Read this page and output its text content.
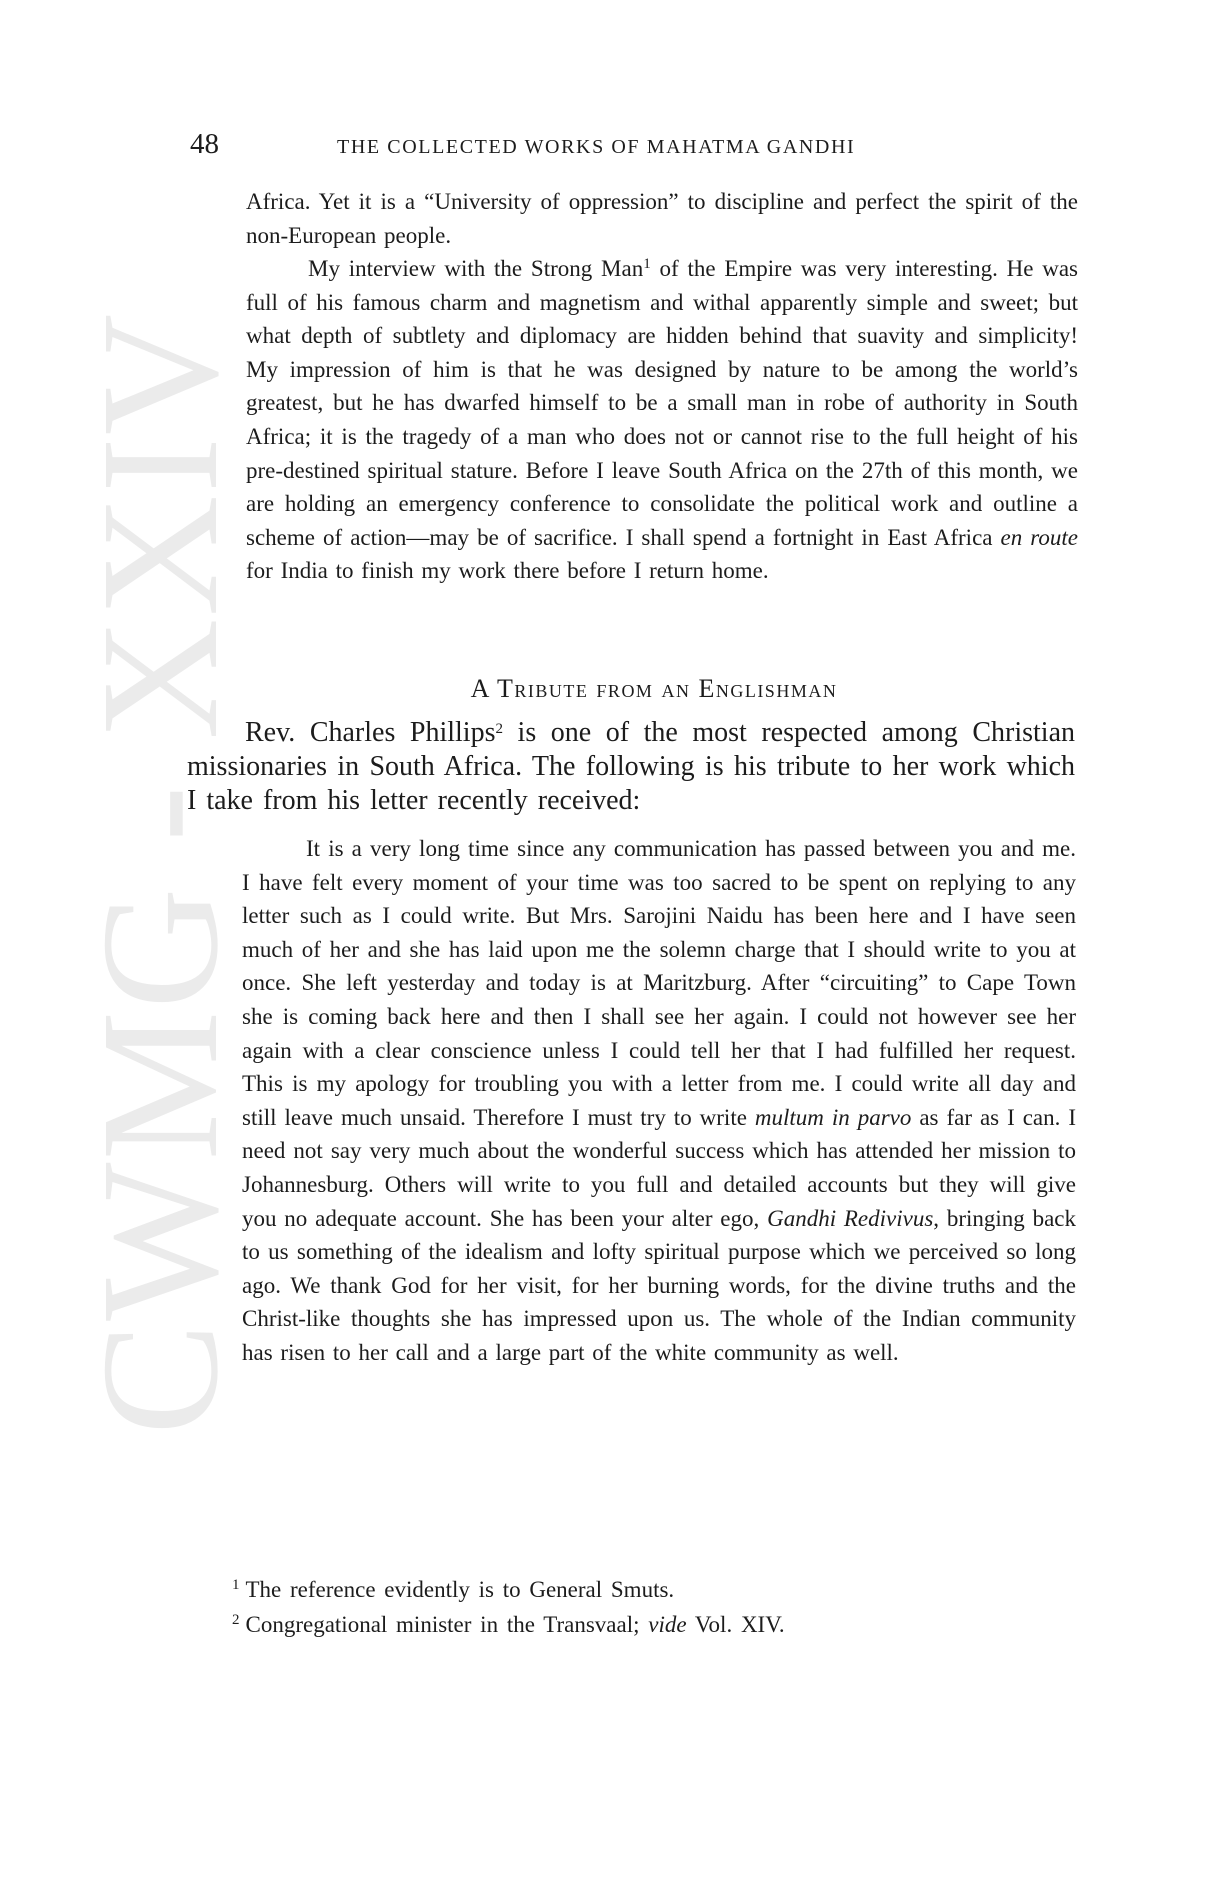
CWMG - XXIV
48	THE COLLECTED WORKS OF MAHATMA GANDHI
Africa. Yet it is a “University of oppression” to discipline and perfect the spirit of the non-European people.
My interview with the Strong Man$^1$ of the Empire was very interesting. He was full of his famous charm and magnetism and withal apparently simple and sweet; but what depth of subtlety and diplomacy are hidden behind that suavity and simplicity! My impression of him is that he was designed by nature to be among the world’s greatest, but he has dwarfed himself to be a small man in robe of authority in South Africa; it is the tragedy of a man who does not or cannot rise to the full height of his pre-destined spiritual stature. Before I leave South Africa on the 27th of this month, we are holding an emergency conference to consolidate the political work and outline a scheme of action—may be of sacrifice. I shall spend a fortnight in East Africa en route for India to finish my work there before I return home.
A Tribute from an Englishman
Rev. Charles Phillips$^2$ is one of the most respected among Christian missionaries in South Africa. The following is his tribute to her work which I take from his letter recently received:
It is a very long time since any communication has passed between you and me. I have felt every moment of your time was too sacred to be spent on replying to any letter such as I could write. But Mrs. Sarojini Naidu has been here and I have seen much of her and she has laid upon me the solemn charge that I should write to you at once. She left yesterday and today is at Maritzburg. After “circuiting” to Cape Town she is coming back here and then I shall see her again. I could not however see her again with a clear conscience unless I could tell her that I had fulfilled her request. This is my apology for troubling you with a letter from me. I could write all day and still leave much unsaid. Therefore I must try to write multum in parvo as far as I can. I need not say very much about the wonderful success which has attended her mission to Johannesburg. Others will write to you full and detailed accounts but they will give you no adequate account. She has been your alter ego, Gandhi Redivivus, bringing back to us something of the idealism and lofty spiritual purpose which we perceived so long ago. We thank God for her visit, for her burning words, for the divine truths and the Christ-like thoughts she has impressed upon us. The whole of the Indian community has risen to her call and a large part of the white community as well.
$^1$ The reference evidently is to General Smuts.
$^2$ Congregational minister in the Transvaal; vide Vol. XIV.
